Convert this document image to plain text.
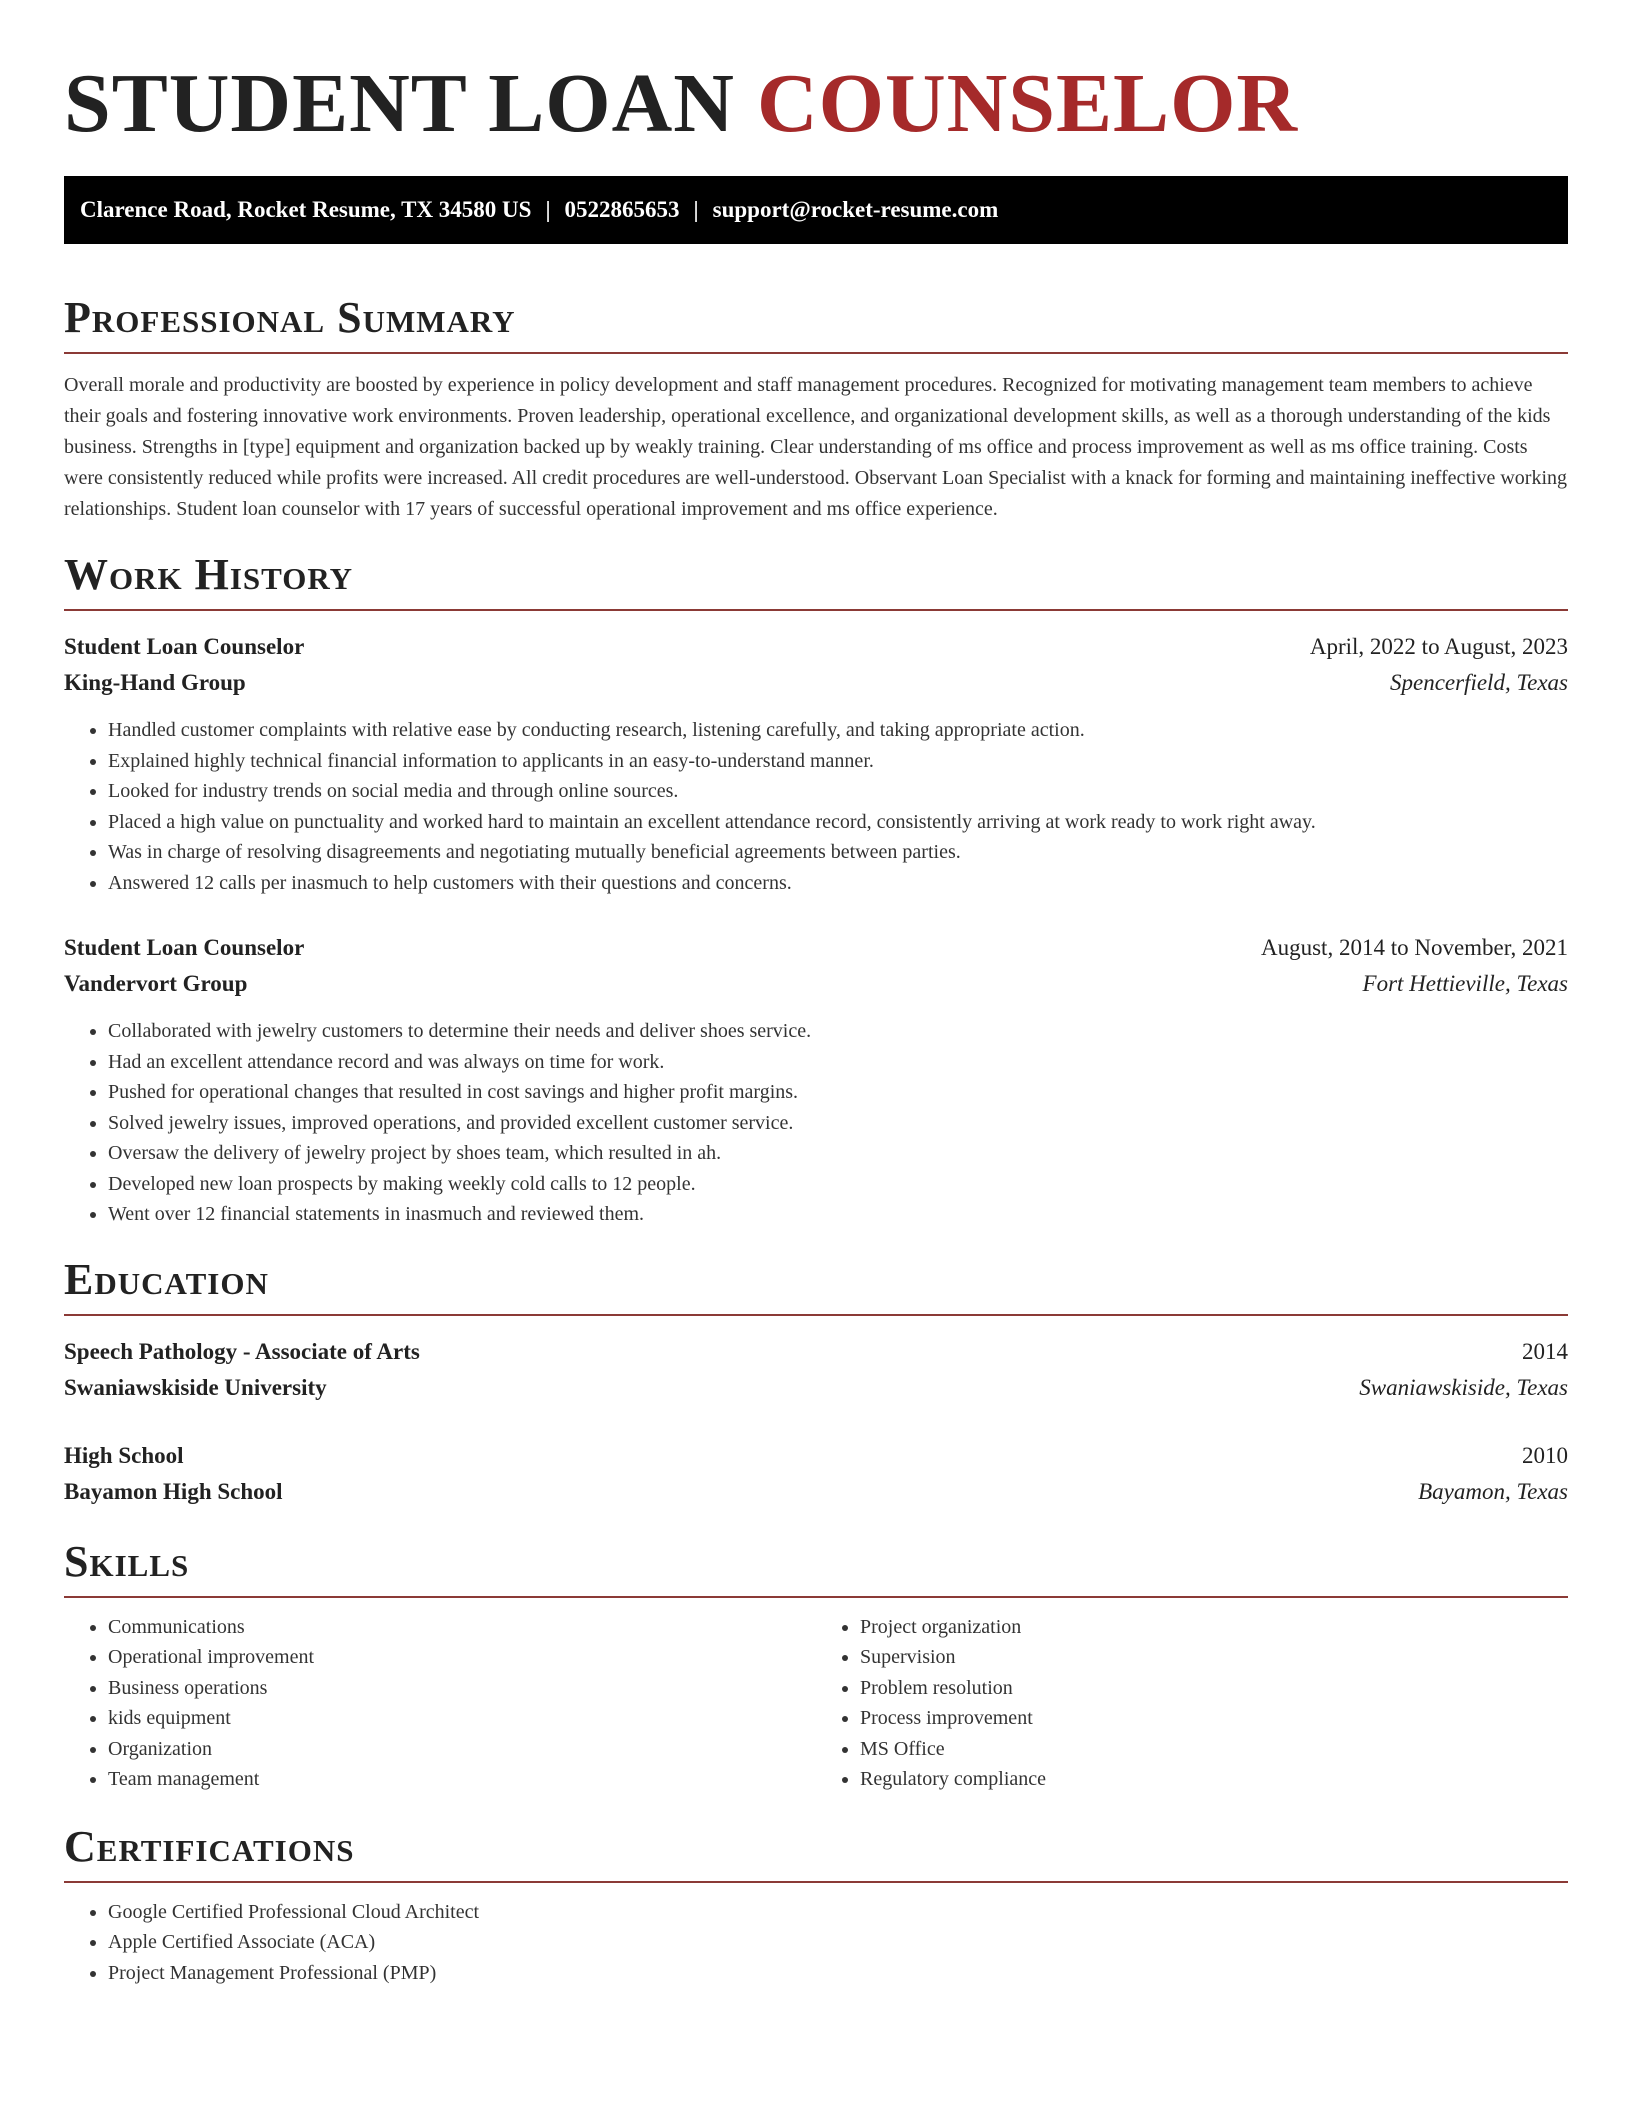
STUDENT LOAN COUNSELOR
Clarence Road, Rocket Resume, TX 34580 US | 0522865653 | support@rocket-resume.com
Professional Summary

Overall morale and productivity are boosted by experience in policy development and staff management procedures. Recognized for motivating management team members to achieve their goals and fostering innovative work environments. Proven leadership, operational excellence, and organizational development skills, as well as a thorough understanding of the kids business. Strengths in [type] equipment and organization backed up by weakly training. Clear understanding of ms office and process improvement as well as ms office training. Costs were consistently reduced while profits were increased. All credit procedures are well-understood. Observant Loan Specialist with a knack for forming and maintaining ineffective working relationships. Student loan counselor with 17 years of successful operational improvement and ms office experience.

Work History
Student Loan Counselor	April, 2022 to August, 2023
King-Hand Group	Spencerfield, Texas
• Handled customer complaints with relative ease by conducting research, listening carefully, and taking appropriate action.
• Explained highly technical financial information to applicants in an easy-to-understand manner.
• Looked for industry trends on social media and through online sources.
• Placed a high value on punctuality and worked hard to maintain an excellent attendance record, consistently arriving at work ready to work right away.
• Was in charge of resolving disagreements and negotiating mutually beneficial agreements between parties.
• Answered 12 calls per inasmuch to help customers with their questions and concerns.
Student Loan Counselor	August, 2014 to November, 2021
Vandervort Group	Fort Hettieville, Texas
• Collaborated with jewelry customers to determine their needs and deliver shoes service.
• Had an excellent attendance record and was always on time for work.
• Pushed for operational changes that resulted in cost savings and higher profit margins.
• Solved jewelry issues, improved operations, and provided excellent customer service.
• Oversaw the delivery of jewelry project by shoes team, which resulted in ah.
• Developed new loan prospects by making weekly cold calls to 12 people.
• Went over 12 financial statements in inasmuch and reviewed them.
Education
Speech Pathology - Associate of Arts	2014
Swaniawskiside University	Swaniawskiside, Texas
High School	2010
Bayamon High School	Bayamon, Texas
Skills
• Communications
• Operational improvement
• Business operations
• kids equipment
• Organization
• Team management
• Project organization
• Supervision
• Problem resolution
• Process improvement
• MS Office
• Regulatory compliance
Certifications
• Google Certified Professional Cloud Architect
• Apple Certified Associate (ACA)
• Project Management Professional (PMP)
